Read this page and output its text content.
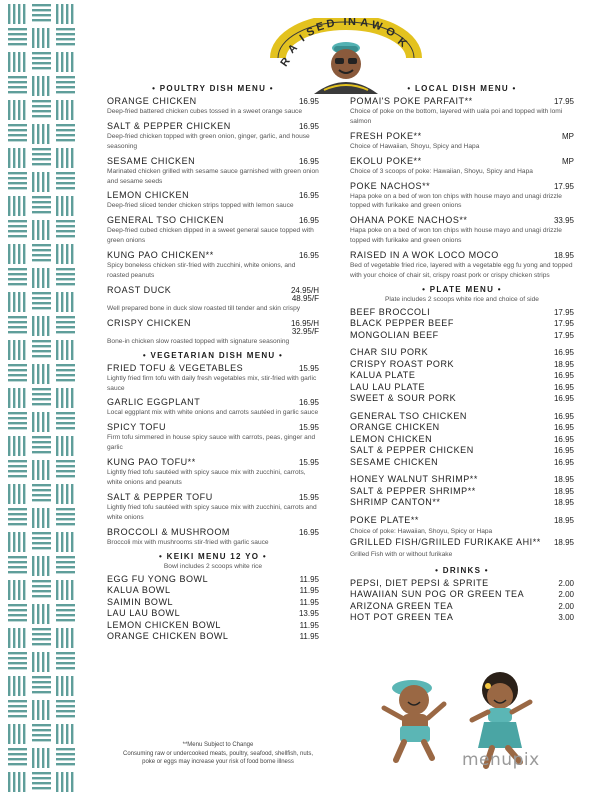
R
A
I
S
E D I N A W O
K
• POULTRY DISH MENU •
ORANGE CHICKEN	16.95
Deep-fried battered chicken cubes tossed in a sweet orange sauce
SALT & PEPPER CHICKEN	16.95
Deep-fried chicken topped with green onion, ginger, garlic, and house seasoning
SESAME CHICKEN	16.95
Marinated chicken grilled with sesame sauce garnished with green onion and sesame seeds
LEMON CHICKEN	16.95
Deep-fried sliced tender chicken strips topped with lemon sauce
GENERAL TSO CHICKEN	16.95
Deep-fried cubed chicken dipped in a sweet general sauce topped with green onions
KUNG PAO CHICKEN**	16.95
Spicy boneless chicken stir-fried with zucchini, white onions, and roasted peanuts
ROAST DUCK	24.95/H
48.95/F
Well prepared bone in duck slow roasted till tender and skin crispy
CRISPY CHICKEN	16.95/H
32.95/F
Bone-in chicken slow roasted topped with signature seasoning
• VEGETARIAN DISH MENU •
FRIED TOFU & VEGETABLES	15.95
Lightly fried firm tofu with daily fresh vegetables mix, stir-fried with garlic sauce
GARLIC EGGPLANT	16.95
Local eggplant mix with white onions and carrots sautéed in garlic sauce
SPICY TOFU	15.95
Firm tofu simmered in house spicy sauce with carrots, peas, ginger and garlic
KUNG PAO TOFU**	15.95
Lightly fried tofu sautéed with spicy sauce mix with zucchini, carrots, white onions and peanuts
SALT & PEPPER TOFU	15.95
Lightly fried tofu sautéed with spicy sauce mix with zucchini, carrots and white onions
BROCCOLI & MUSHROOM	16.95
Broccoli mix with mushrooms stir-fried with garlic sauce
• KEIKI MENU 12 YO •
Bowl includes 2 scoops white rice
EGG FU YONG BOWL	11.95
KALUA BOWL	11.95
SAIMIN BOWL	11.95
LAU LAU BOWL	13.95
LEMON CHICKEN BOWL	11.95
ORANGE CHICKEN BOWL	11.95
• LOCAL DISH MENU •
POMAI'S POKE PARFAIT**	17.95
Choice of poke on the bottom, layered with uala poi and topped with lomi salmon
FRESH POKE**	MP
Choice of Hawaiian, Shoyu, Spicy and Hapa
EKOLU POKE**	MP
Choice of 3 scoops of poke: Hawaiian, Shoyu, Spicy and Hapa
POKE NACHOS**	17.95
Hapa poke on a bed of won ton chips with house mayo and unagi drizzle topped with furikake and green onions
OHANA POKE NACHOS**	33.95
Hapa poke on a bed of won ton chips with house mayo and unagi drizzle topped with furikake and green onions
RAISED IN A WOK LOCO MOCO	18.95
Bed of vegetable fried rice, layered with a vegetable egg fu yong and topped with your choice of chair sit, crispy roast pork or crispy chicken strips
• PLATE MENU •
Plate includes 2 scoops white rice and choice of side
BEEF BROCCOLI	17.95
BLACK PEPPER BEEF	17.95
MONGOLIAN BEEF	17.95
CHAR SIU PORK	16.95
CRISPY ROAST PORK	18.95
KALUA PLATE	16.95
LAU LAU PLATE	16.95
SWEET & SOUR PORK	16.95
GENERAL TSO CHICKEN	16.95
ORANGE CHICKEN	16.95
LEMON CHICKEN	16.95
SALT & PEPPER CHICKEN	16.95
SESAME CHICKEN	16.95
HONEY WALNUT SHRIMP**	18.95
SALT & PEPPER SHRIMP**	18.95
SHRIMP CANTON**	18.95
POKE PLATE**	18.95
Choice of poke: Hawaiian, Shoyu, Spicy or Hapa
GRILLED FISH/GRIILED FURIKAKE AHI** 18.95
Grilled Fish with or without furikake
• DRINKS •
PEPSI, DIET PEPSI & SPRITE	2.00
HAWAIIAN SUN POG OR GREEN TEA	2.00
ARIZONA GREEN TEA	2.00
HOT POT GREEN TEA	3.00
**Menu Subject to Change
Consuming raw or undercooked meats, poultry, seafood, shellfish, nuts, poke or eggs may increase your risk of food borne illness	menupix
